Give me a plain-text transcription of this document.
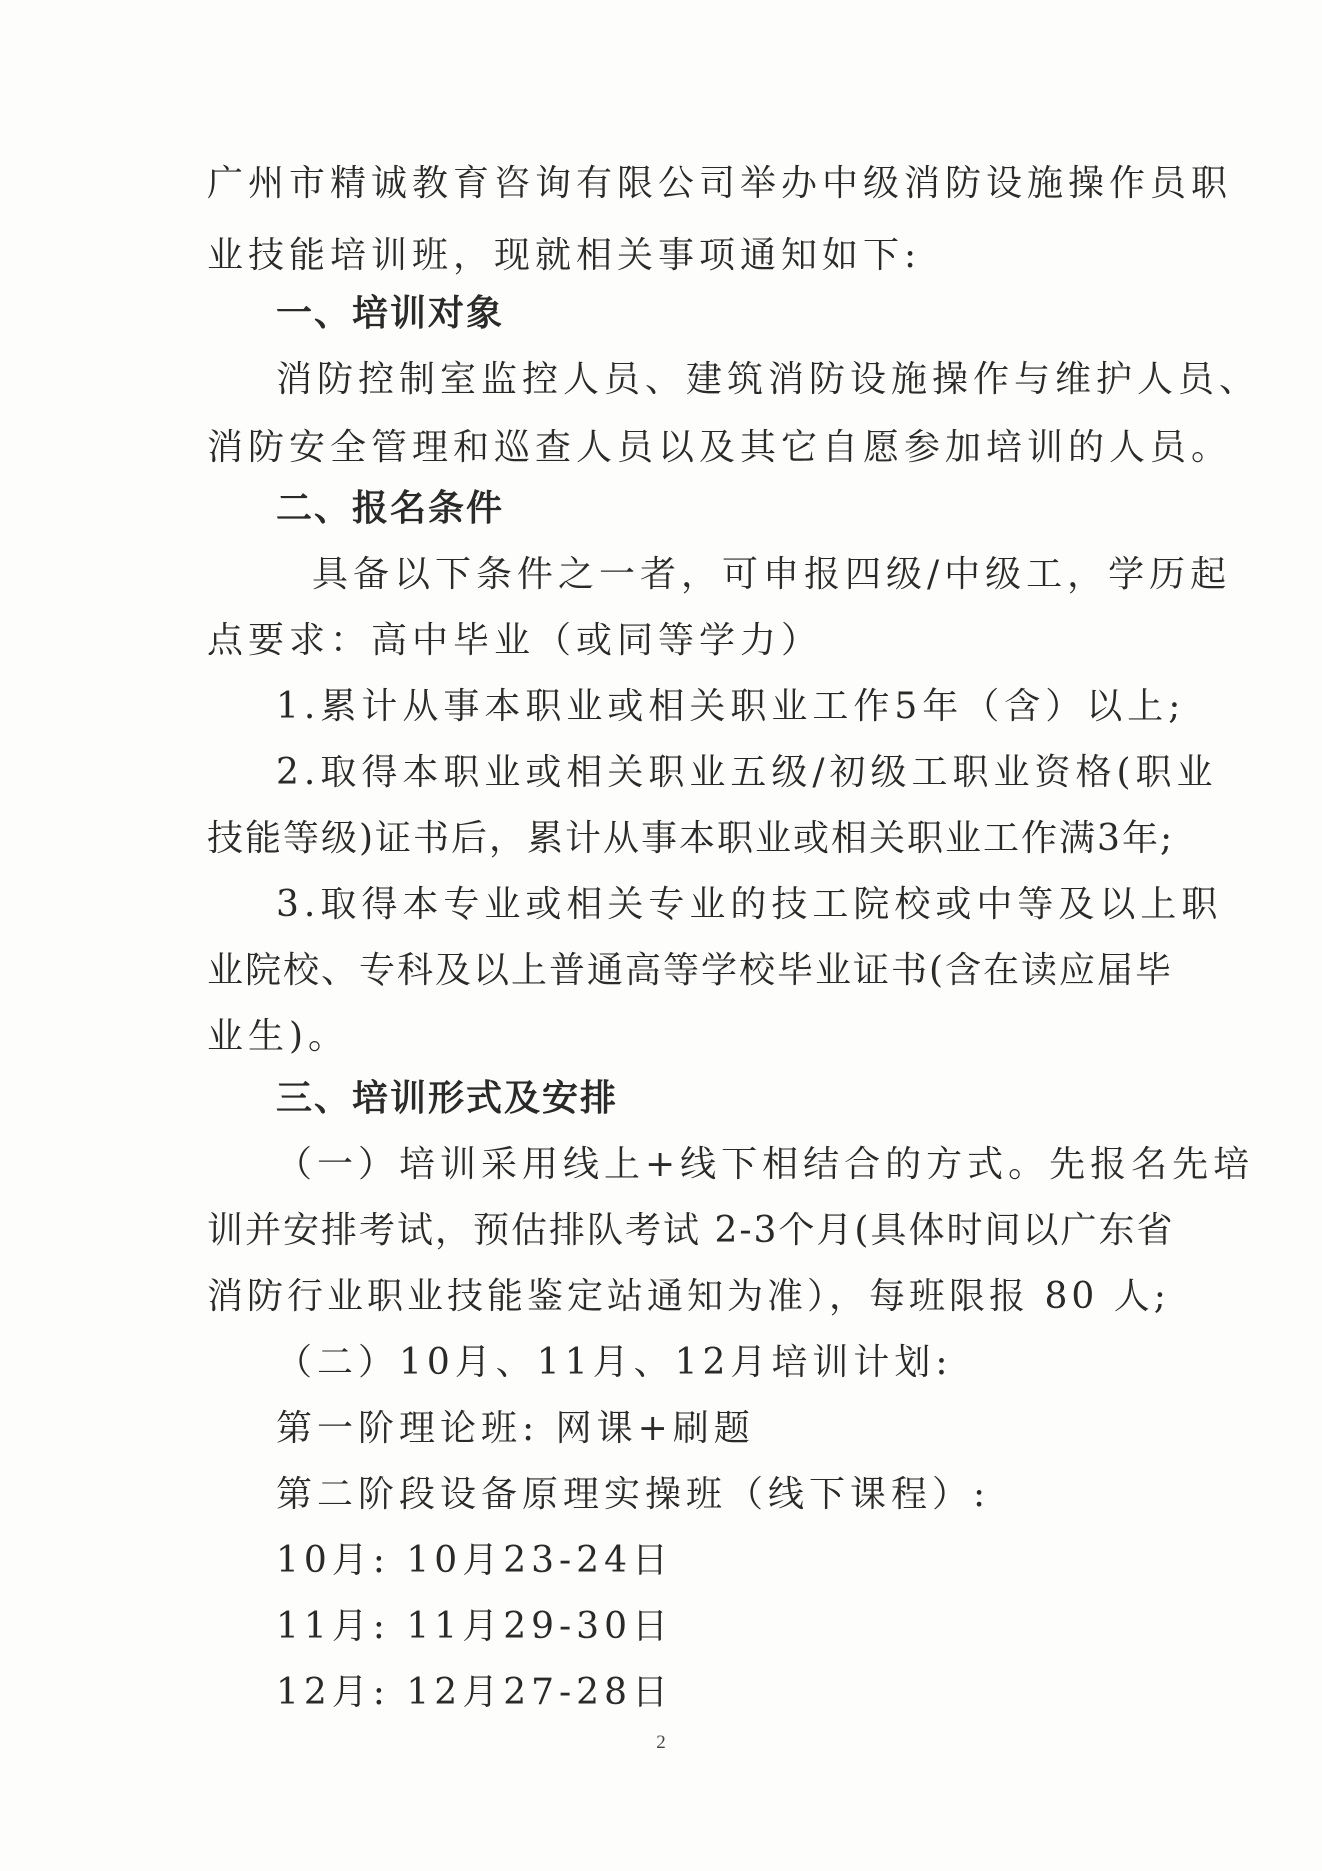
广州市精诚教育咨询有限公司举办中级消防设施操作员职
业技能培训班，现就相关事项通知如下:
一、培训对象
消防控制室监控人员、建筑消防设施操作与维护人员、
消防安全管理和巡查人员以及其它自愿参加培训的人员。
二、报名条件
具备以下条件之一者，可申报四级/中级工，学历起
点要求：高中毕业（或同等学力）
1.累计从事本职业或相关职业工作5年（含）以上;
2.取得本职业或相关职业五级/初级工职业资格(职业
技能等级)证书后，累计从事本职业或相关职业工作满3年;
3.取得本专业或相关专业的技工院校或中等及以上职
业院校、专科及以上普通高等学校毕业证书(含在读应届毕
业生)。
三、培训形式及安排
（一）培训采用线上+线下相结合的方式。先报名先培
训并安排考试，预估排队考试 2-3个月(具体时间以广东省
消防行业职业技能鉴定站通知为准），每班限报 80 人;
（二）10月、11月、12月培训计划:
第一阶理论班: 网课+刷题
第二阶段设备原理实操班（线下课程）:
10月: 10月23-24日
11月: 11月29-30日
12月: 12月27-28日
2
